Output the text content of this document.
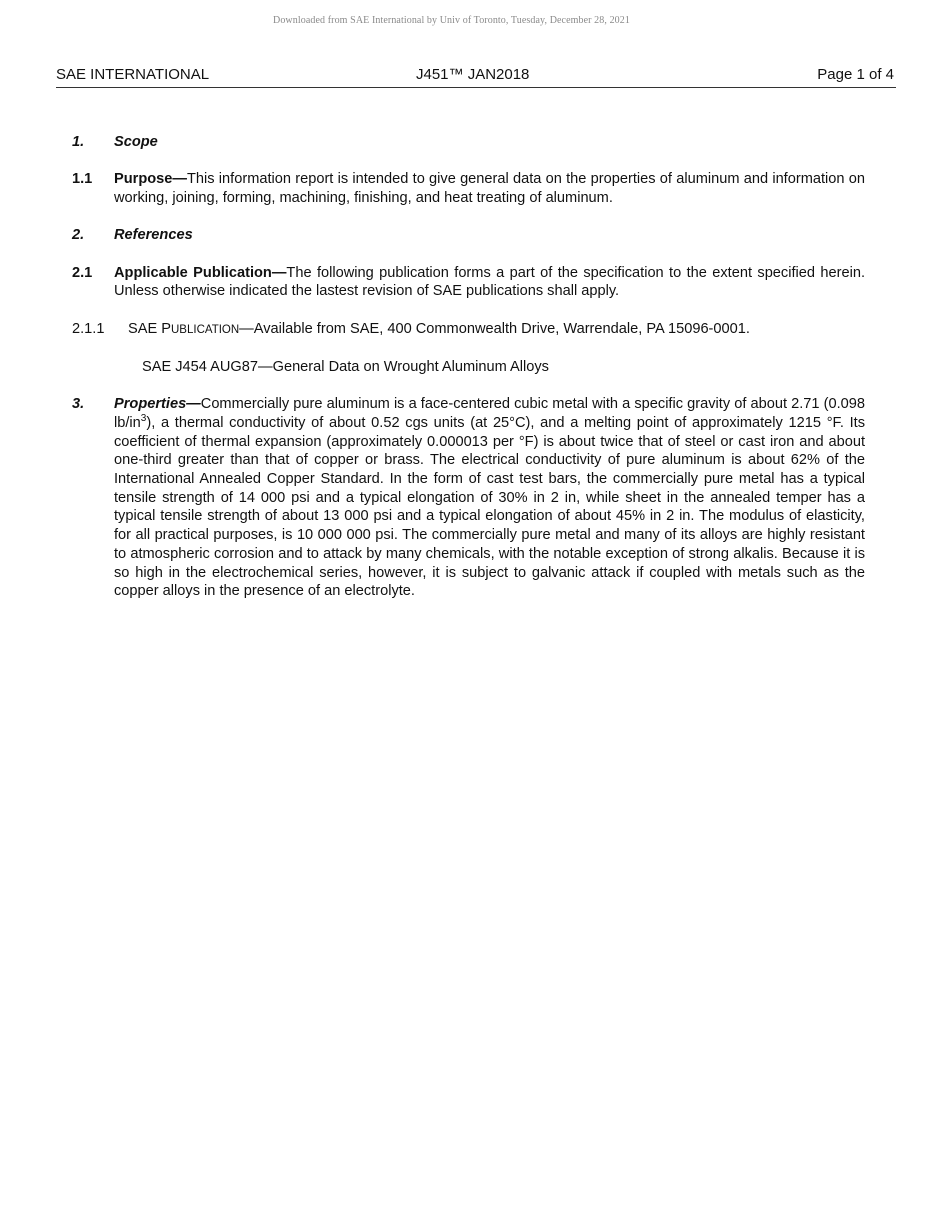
Downloaded from SAE International by Univ of Toronto, Tuesday, December 28, 2021
SAE INTERNATIONAL	J451™ JAN2018	Page 1 of 4
1.	Scope
1.1	Purpose—This information report is intended to give general data on the properties of aluminum and information on working, joining, forming, machining, finishing, and heat treating of aluminum.
2.	References
2.1	Applicable Publication—The following publication forms a part of the specification to the extent specified herein. Unless otherwise indicated the lastest revision of SAE publications shall apply.
2.1.1	SAE PUBLICATION—Available from SAE, 400 Commonwealth Drive, Warrendale, PA 15096-0001.
SAE J454 AUG87—General Data on Wrought Aluminum Alloys
3.	Properties—Commercially pure aluminum is a face-centered cubic metal with a specific gravity of about 2.71 (0.098 $lb/in^3$), a thermal conductivity of about 0.52 cgs units (at 25°C), and a melting point of approximately 1215 °F. Its coefficient of thermal expansion (approximately 0.000013 per °F) is about twice that of steel or cast iron and about one-third greater than that of copper or brass. The electrical conductivity of pure aluminum is about 62% of the International Annealed Copper Standard. In the form of cast test bars, the commercially pure metal has a typical tensile strength of 14 000 psi and a typical elongation of 30% in 2 in, while sheet in the annealed temper has a typical tensile strength of about 13 000 psi and a typical elongation of about 45% in 2 in. The modulus of elasticity, for all practical purposes, is 10 000 000 psi. The commercially pure metal and many of its alloys are highly resistant to atmospheric corrosion and to attack by many chemicals, with the notable exception of strong alkalis. Because it is so high in the electrochemical series, however, it is subject to galvanic attack if coupled with metals such as the copper alloys in the presence of an electrolyte.
